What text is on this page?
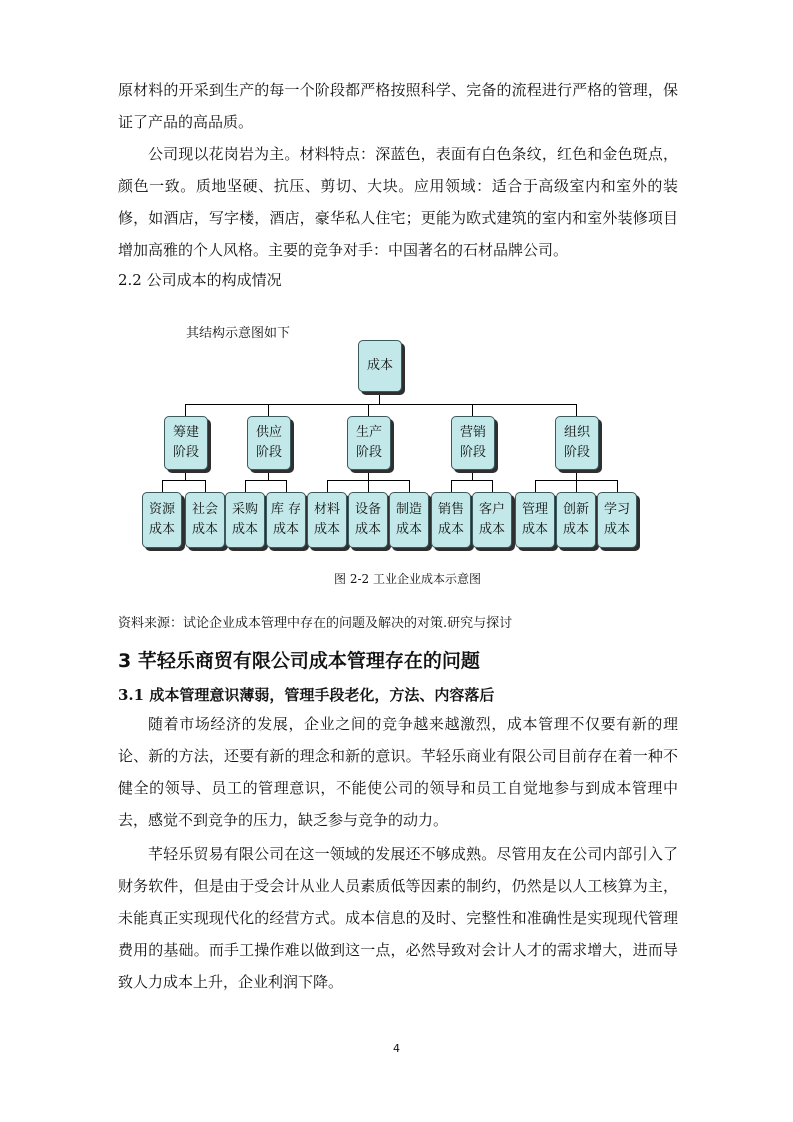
原材料的开采到生产的每一个阶段都严格按照科学、完备的流程进行严格的管理，保证了产品的高品质。
公司现以花岗岩为主。材料特点：深蓝色，表面有白色条纹，红色和金色斑点，颜色一致。质地坚硬、抗压、剪切、大块。应用领域：适合于高级室内和室外的装修，如酒店，写字楼，酒店，豪华私人住宅；更能为欧式建筑的室内和室外装修项目增加高雅的个人风格。主要的竞争对手：中国著名的石材品牌公司。
2.2 公司成本的构成情况
其结构示意图如下
成本
筹建
阶段
供应
阶段
生产
阶段
营销
阶段
组织
阶段
资源
成本
社会
成本
采购
成本
库 存
成本
材料
成本
设备
成本
制造
成本
销售
成本
客户
成本
管理
成本
创新
成本
学习
成本
图 2-2 工业企业成本示意图
资料来源：试论企业成本管理中存在的问题及解决的对策.研究与探讨
3 芊轻乐商贸有限公司成本管理存在的问题
3.1 成本管理意识薄弱，管理手段老化，方法、内容落后
随着市场经济的发展，企业之间的竞争越来越激烈，成本管理不仅要有新的理论、新的方法，还要有新的理念和新的意识。芊轻乐商业有限公司目前存在着一种不健全的领导、员工的管理意识，不能使公司的领导和员工自觉地参与到成本管理中去，感觉不到竞争的压力，缺乏参与竞争的动力。
芊轻乐贸易有限公司在这一领域的发展还不够成熟。尽管用友在公司内部引入了财务软件，但是由于受会计从业人员素质低等因素的制约，仍然是以人工核算为主，未能真正实现现代化的经营方式。成本信息的及时、完整性和准确性是实现现代管理费用的基础。而手工操作难以做到这一点，必然导致对会计人才的需求增大，进而导致人力成本上升，企业利润下降。
4
